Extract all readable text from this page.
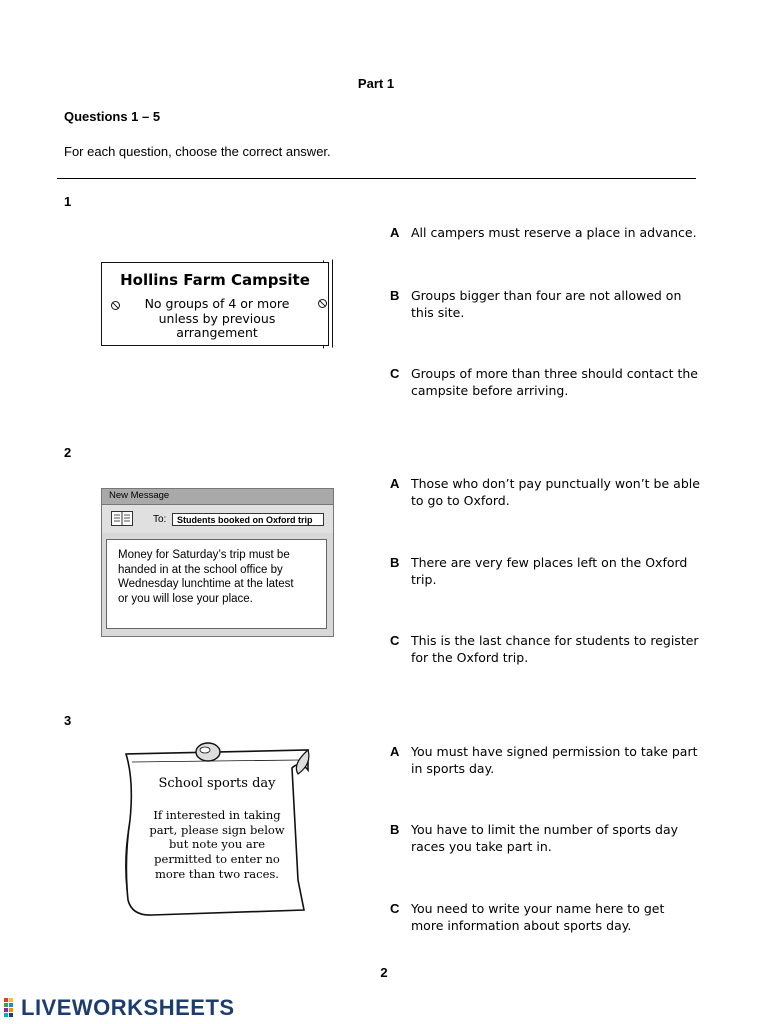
Part 1
Questions 1 – 5
For each question, choose the correct answer.
1
Hollins Farm Campsite
No groups of 4 or more
unless by previous
arrangement
A All campers must reserve a place in advance.
B Groups bigger than four are not allowed on this site.
C Groups of more than three should contact the campsite before arriving.
2
New Message
To:	Students booked on Oxford trip
Money for Saturday’s trip must be
handed in at the school office by
Wednesday lunchtime at the latest
or you will lose your place.
A Those who don’t pay punctually won’t be able to go to Oxford.
B There are very few places left on the Oxford trip.
C This is the last chance for students to register for the Oxford trip.
3
School sports day
If interested in taking
part, please sign below
but note you are
permitted to enter no
more than two races.
A You must have signed permission to take part in sports day.
B You have to limit the number of sports day races you take part in.
C You need to write your name here to get more information about sports day.
2
LIVEWORKSHEETS
